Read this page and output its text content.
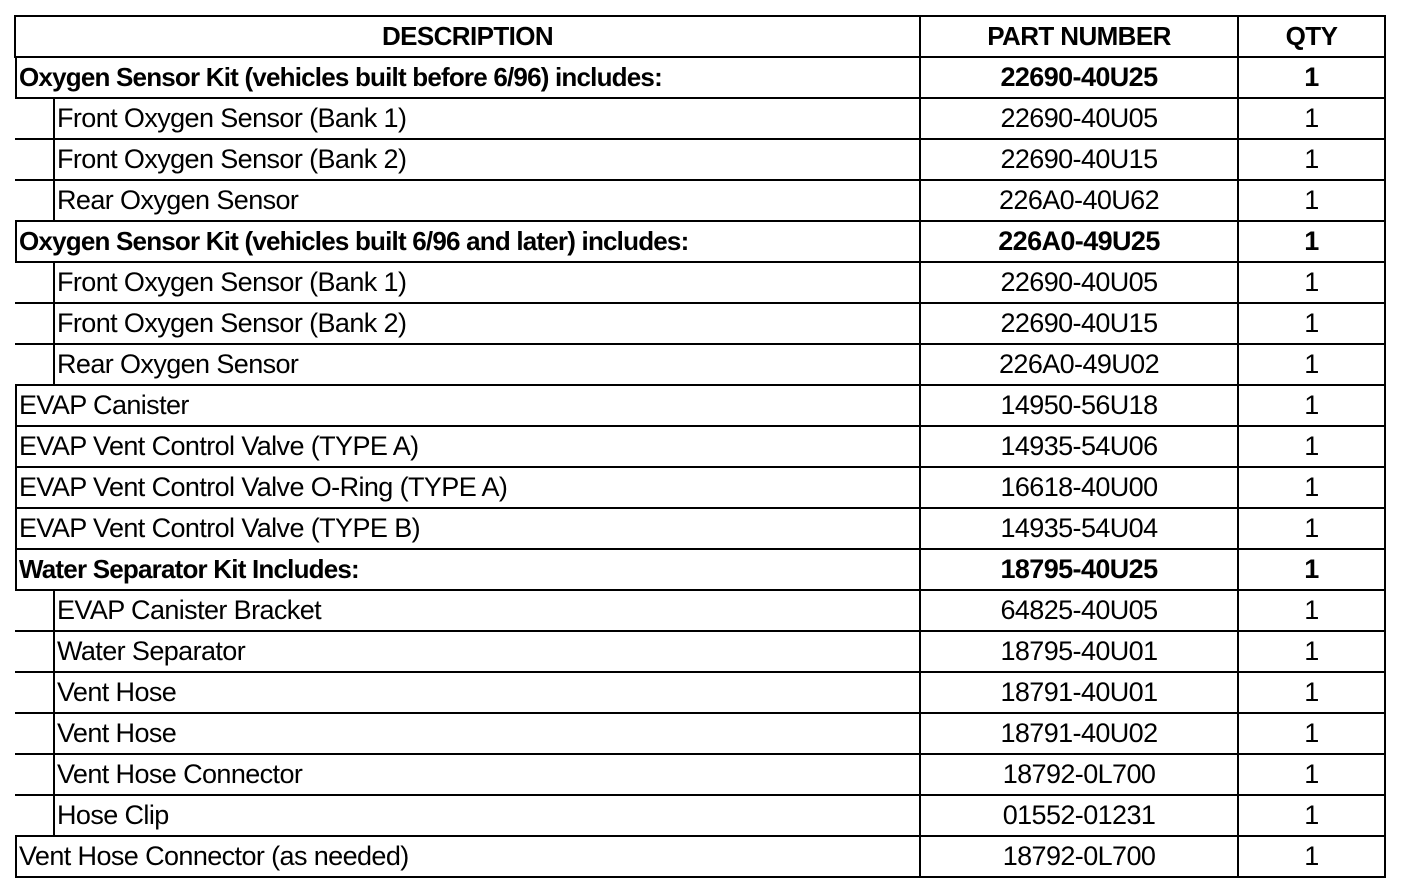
DESCRIPTION	PART NUMBER	QTY

Oxygen Sensor Kit (vehicles built before 6/96) includes:	22690-40U25	1

Front Oxygen Sensor (Bank 1)	22690-40U05	1

Front Oxygen Sensor (Bank 2)	22690-40U15	1

Rear Oxygen Sensor	226A0-40U62	1

Oxygen Sensor Kit (vehicles built 6/96 and later) includes:	226A0-49U25	1

Front Oxygen Sensor (Bank 1)	22690-40U05	1

Front Oxygen Sensor (Bank 2)	22690-40U15	1

Rear Oxygen Sensor	226A0-49U02	1

EVAP Canister	14950-56U18	1

EVAP Vent Control Valve (TYPE A)	14935-54U06	1

EVAP Vent Control Valve O-Ring (TYPE A)	16618-40U00	1

EVAP Vent Control Valve (TYPE B)	14935-54U04	1

Water Separator Kit Includes:	18795-40U25	1

EVAP Canister Bracket	64825-40U05	1

Water Separator	18795-40U01	1

Vent Hose	18791-40U01	1

Vent Hose	18791-40U02	1

Vent Hose Connector	18792-0L700	1

Hose Clip	01552-01231	1

Vent Hose Connector (as needed)	18792-0L700	1
